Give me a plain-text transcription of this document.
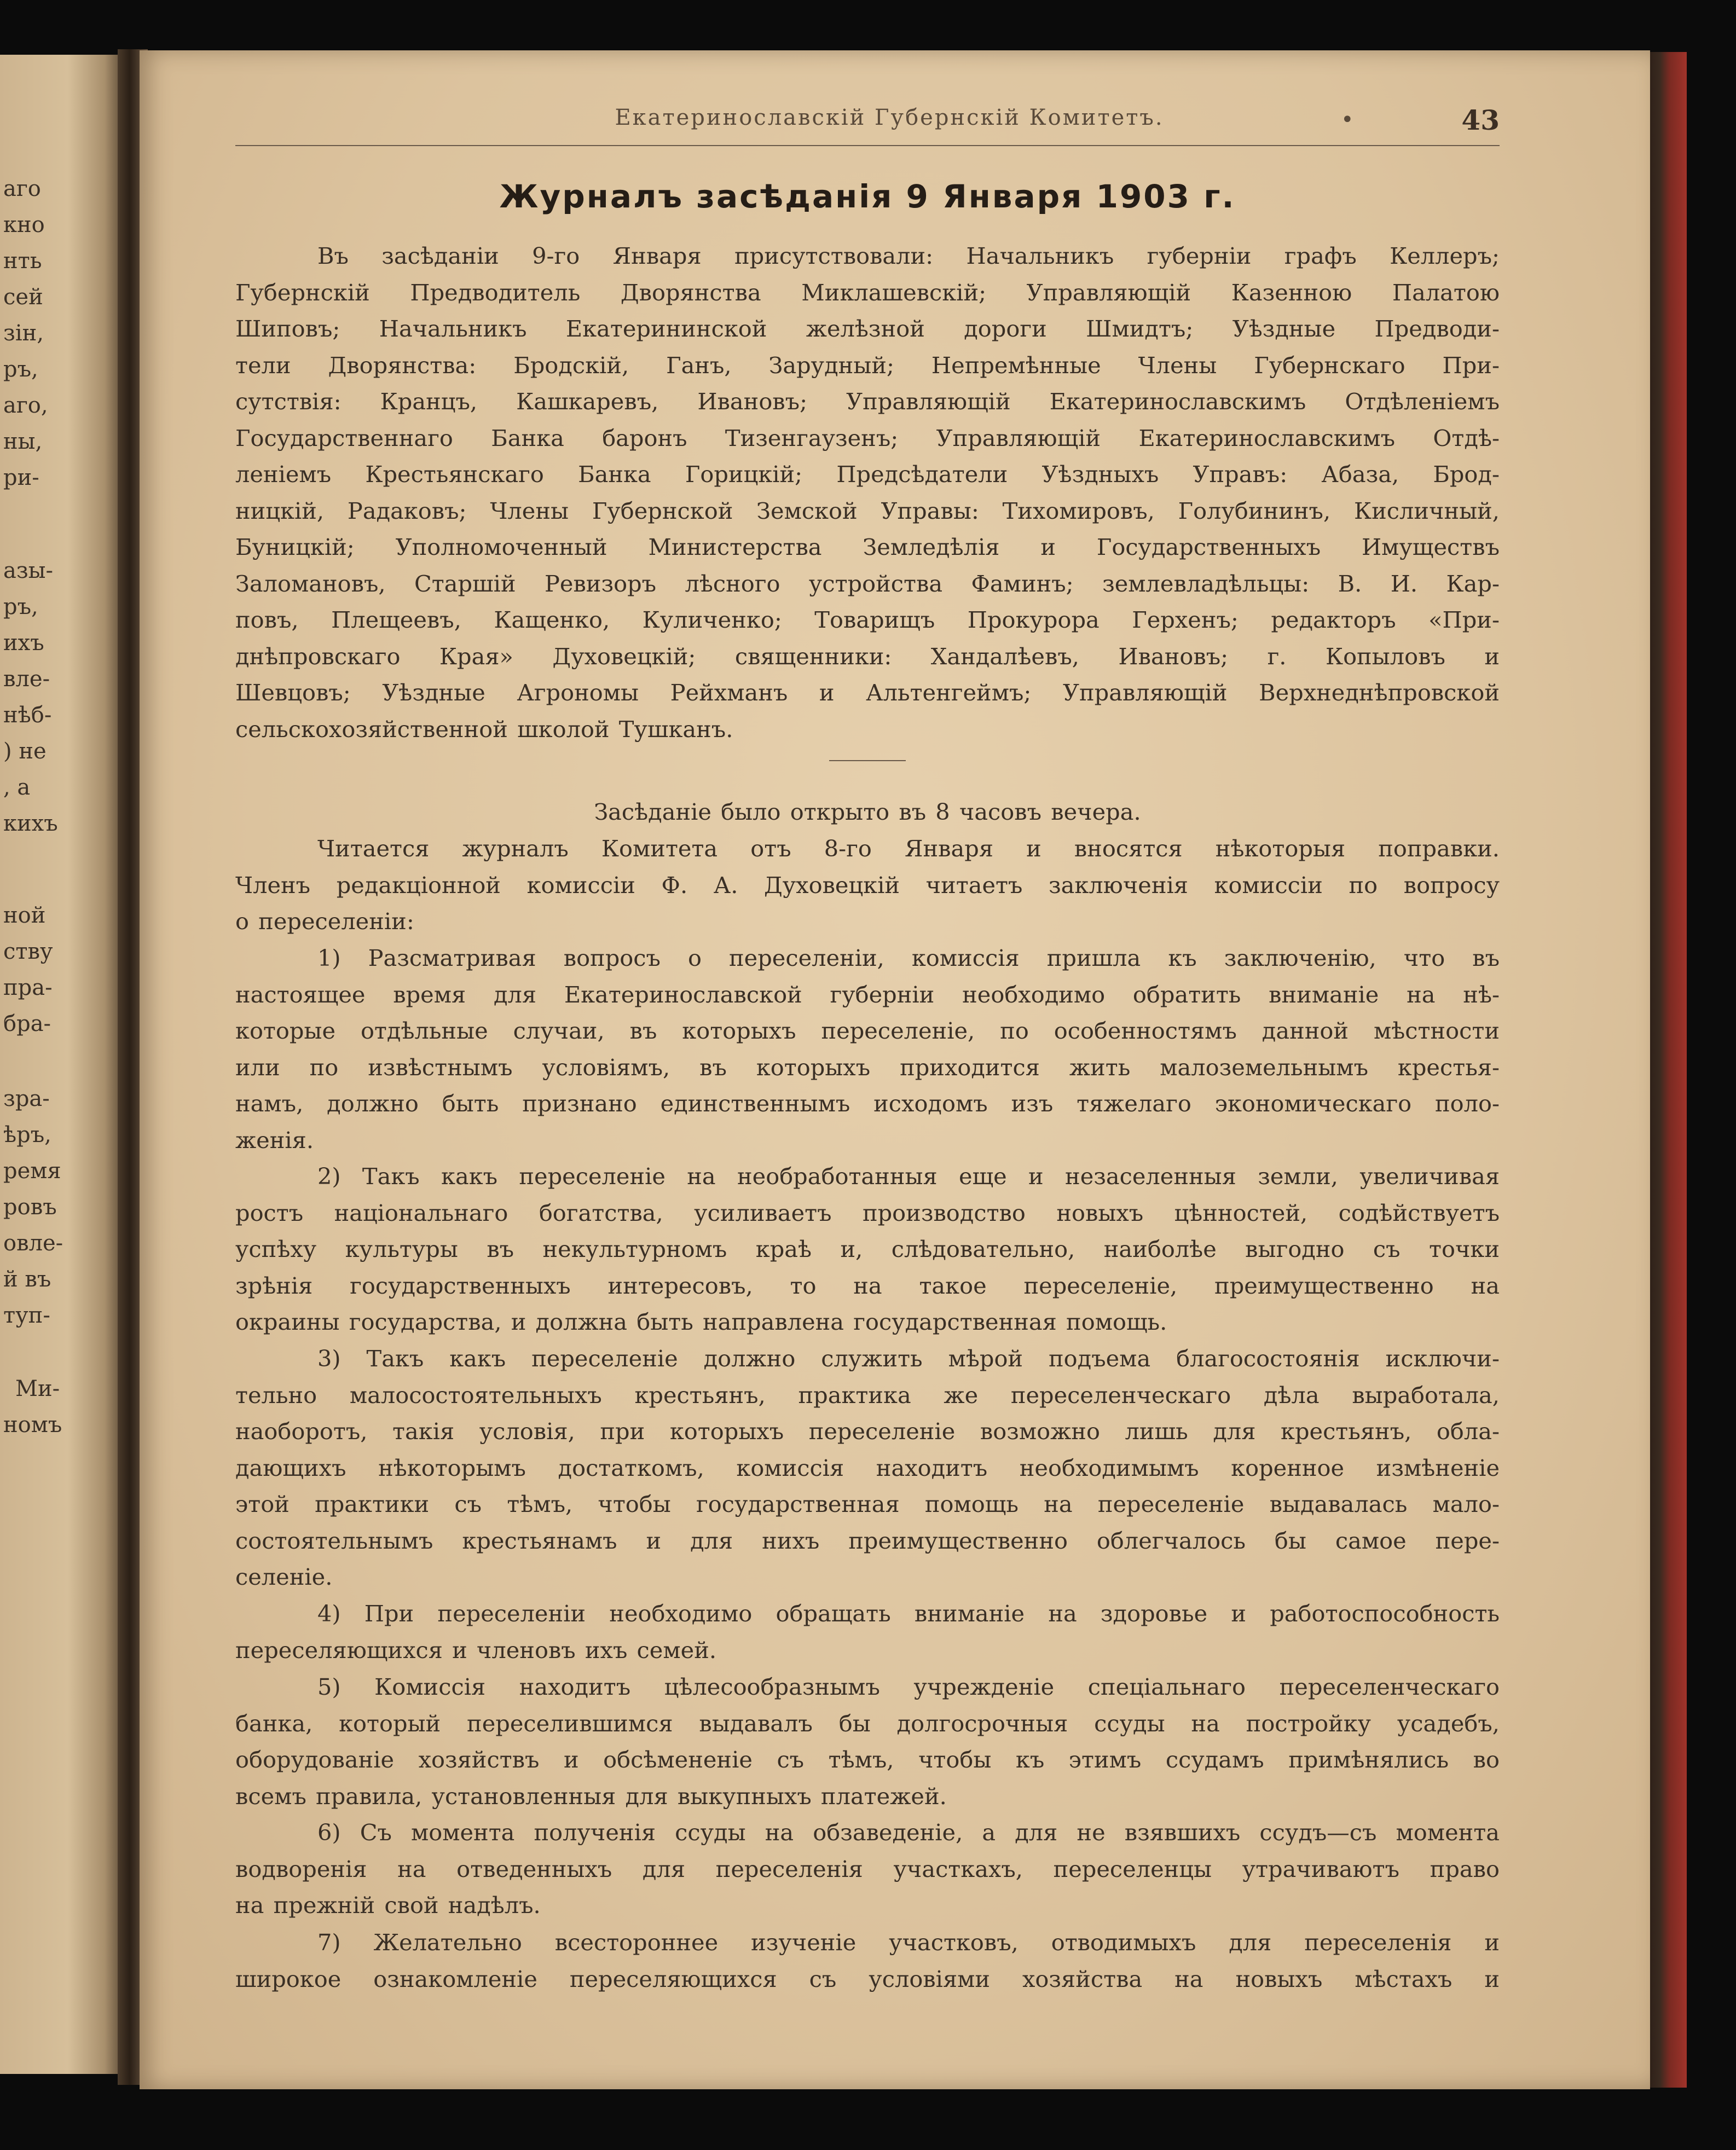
аго
кно
нть
сей
зін,
ръ,
аго,
ны,
ри-
азы-
ръ,
ихъ
вле-
нѣб-
) не
, а
кихъ
ной
ству
пра-
бра-
зра-
ѣръ,
ремя
ровъ
овле-
й въ
туп-
Ми-
номъ
Екатеринославскій Губернскій Комитетъ.	•	43
Журналъ засѣданія 9 Января 1903 г.
Въ засѣданіи 9-го Января присутствовали: Начальникъ губерніи графъ Келлеръ;
Губернскій Предводитель Дворянства Миклашевскій; Управляющій Казенною Палатою
Шиповъ; Начальникъ Екатерининской желѣзной дороги Шмидтъ; Уѣздные Предводи-
тели Дворянства: Бродскій, Ганъ, Зарудный; Непремѣнные Члены Губернскаго При-
сутствія: Кранцъ, Кашкаревъ, Ивановъ; Управляющій Екатеринославскимъ Отдѣленіемъ
Государственнаго Банка баронъ Тизенгаузенъ; Управляющій Екатеринославскимъ Отдѣ-
леніемъ Крестьянскаго Банка Горицкій; Предсѣдатели Уѣздныхъ Управъ: Абаза, Брод-
ницкій, Радаковъ; Члены Губернской Земской Управы: Тихомировъ, Голубининъ, Кисличный,
Буницкій; Уполномоченный Министерства Земледѣлія и Государственныхъ Имуществъ
Заломановъ, Старшій Ревизоръ лѣсного устройства Фаминъ; землевладѣльцы: В. И. Кар-
повъ, Плещеевъ, Кащенко, Куличенко; Товарищъ Прокурора Герхенъ; редакторъ «При-
днѣпровскаго Края» Духовецкій; священники: Хандалѣевъ, Ивановъ; г. Копыловъ и
Шевцовъ; Уѣздные Агрономы Рейхманъ и Альтенгеймъ; Управляющій Верхнеднѣпровской
сельскохозяйственной школой Тушканъ.
Засѣданіе было открыто въ 8 часовъ вечера.
Читается журналъ Комитета отъ 8-го Января и вносятся нѣкоторыя поправки.
Членъ редакціонной комиссіи Ф. А. Духовецкій читаетъ заключенія комиссіи по вопросу
о переселеніи:
1) Разсматривая вопросъ о переселеніи, комиссія пришла къ заключенію, что въ
настоящее время для Екатеринославской губерніи необходимо обратить вниманіе на нѣ-
которые отдѣльные случаи, въ которыхъ переселеніе, по особенностямъ данной мѣстности
или по извѣстнымъ условіямъ, въ которыхъ приходится жить малоземельнымъ крестья-
намъ, должно быть признано единственнымъ исходомъ изъ тяжелаго экономическаго поло-
женія.
2) Такъ какъ переселеніе на необработанныя еще и незаселенныя земли, увеличивая
ростъ національнаго богатства, усиливаетъ производство новыхъ цѣнностей, содѣйствуетъ
успѣху культуры въ некультурномъ краѣ и, слѣдовательно, наиболѣе выгодно съ точки
зрѣнія государственныхъ интересовъ, то на такое переселеніе, преимущественно на
окраины государства, и должна быть направлена государственная помощь.
3) Такъ какъ переселеніе должно служить мѣрой подъема благосостоянія исключи-
тельно малосостоятельныхъ крестьянъ, практика же переселенческаго дѣла выработала,
наоборотъ, такія условія, при которыхъ переселеніе возможно лишь для крестьянъ, обла-
дающихъ нѣкоторымъ достаткомъ, комиссія находитъ необходимымъ коренное измѣненіе
этой практики съ тѣмъ, чтобы государственная помощь на переселеніе выдавалась мало-
состоятельнымъ крестьянамъ и для нихъ преимущественно облегчалось бы самое пере-
селеніе.
4) При переселеніи необходимо обращать вниманіе на здоровье и работоспособность
переселяющихся и членовъ ихъ семей.
5) Комиссія находитъ цѣлесообразнымъ учрежденіе спеціальнаго переселенческаго
банка, который переселившимся выдавалъ бы долгосрочныя ссуды на постройку усадебъ,
оборудованіе хозяйствъ и обсѣмененіе съ тѣмъ, чтобы къ этимъ ссудамъ примѣнялись во
всемъ правила, установленныя для выкупныхъ платежей.
6) Съ момента полученія ссуды на обзаведеніе, а для не взявшихъ ссудъ—съ момента
водворенія на отведенныхъ для переселенія участкахъ, переселенцы утрачиваютъ право
на прежній свой надѣлъ.
7) Желательно всестороннее изученіе участковъ, отводимыхъ для переселенія и
широкое ознакомленіе переселяющихся съ условіями хозяйства на новыхъ мѣстахъ и
